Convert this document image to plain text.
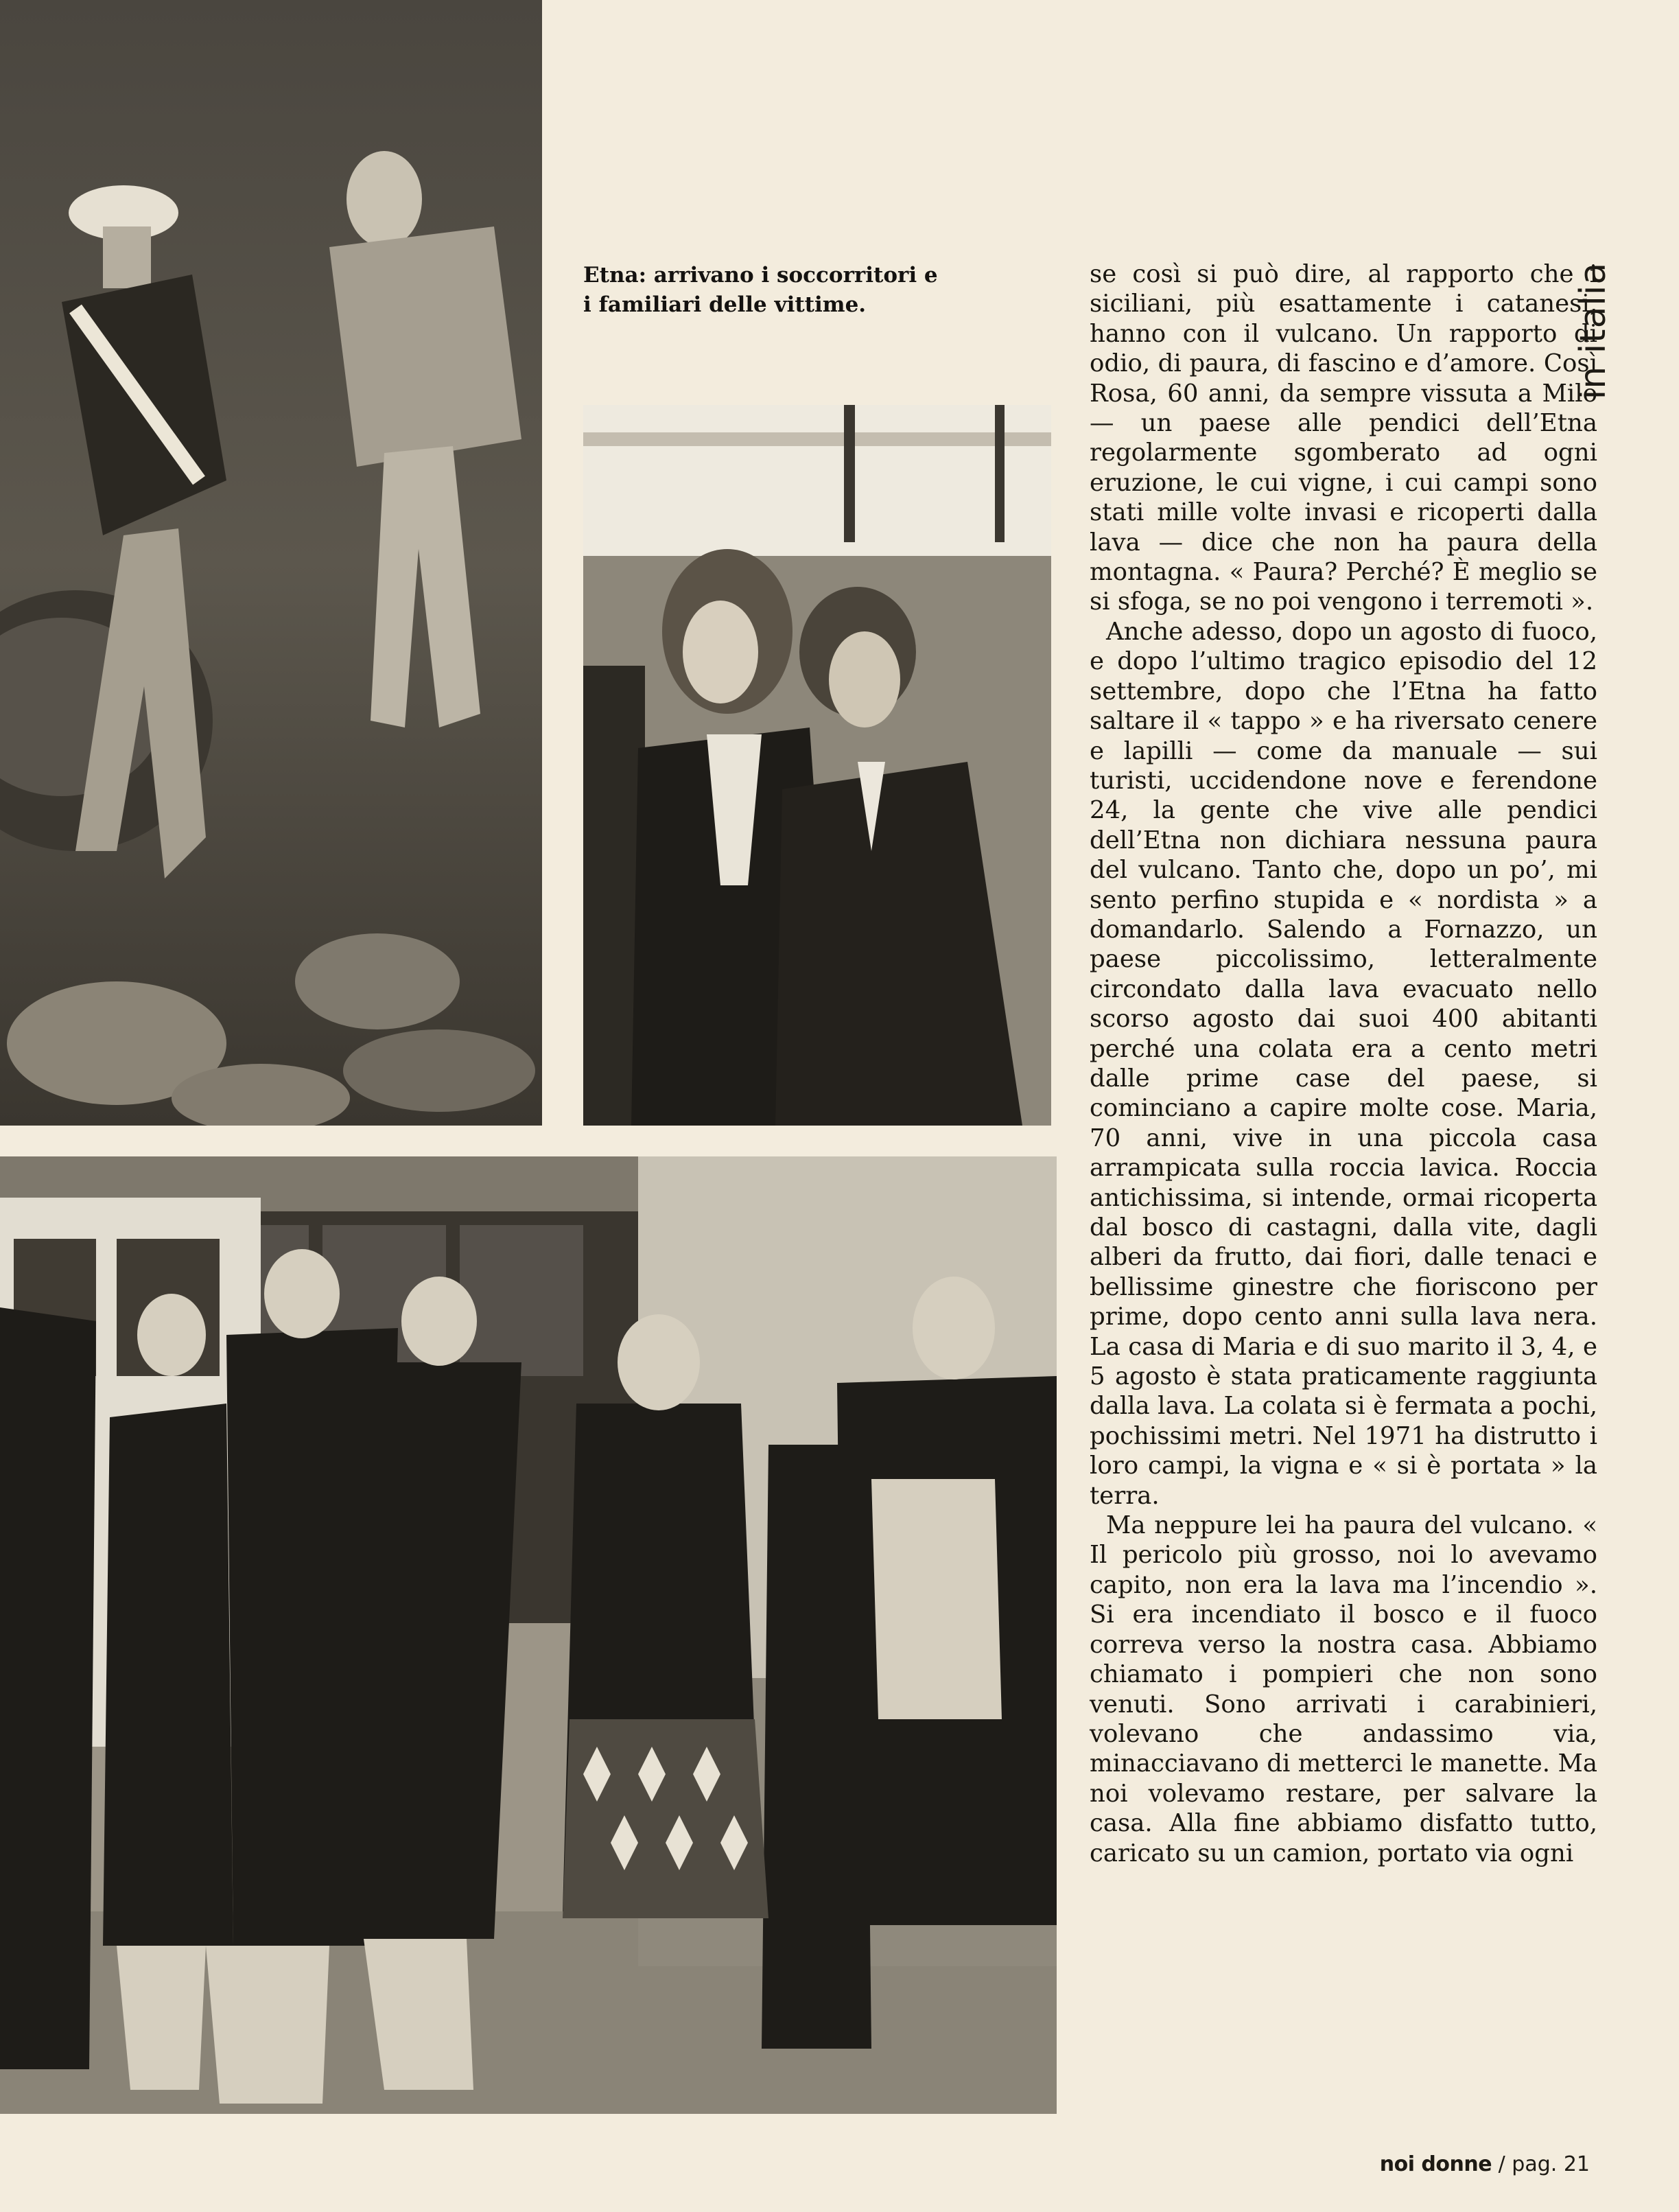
Etna: arrivano i soccorritori e
i familiari delle vittime.

se così si può dire, al rapporto che i siciliani, più esattamente i catanesi, hanno con il vulcano. Un rapporto di odio, di paura, di fascino e d’amore. Così Rosa, 60 anni, da sempre vissuta a Milo — un paese alle pendici dell’Etna regolarmente sgomberato ad ogni eruzione, le cui vigne, i cui campi sono stati mille volte invasi e ricoperti dalla lava — dice che non ha paura della montagna. « Paura? Perché? È meglio se si sfoga, se no poi vengono i terremoti ».

Anche adesso, dopo un agosto di fuoco, e dopo l’ultimo tragico episodio del 12 settembre, dopo che l’Etna ha fatto saltare il « tappo » e ha riversato cenere e lapilli — come da manuale — sui turisti, uccidendone nove e ferendone 24, la gente che vive alle pendici dell’Etna non dichiara nessuna paura del vulcano. Tanto che, dopo un po’, mi sento perfino stupida e « nordista » a domandarlo. Salendo a Fornazzo, un paese piccolissimo, letteralmente circondato dalla lava evacuato nello scorso agosto dai suoi 400 abitanti perché una colata era a cento metri dalle prime case del paese, si cominciano a capire molte cose. Maria, 70 anni, vive in una piccola casa arrampicata sulla roccia lavica. Roccia antichissima, si intende, ormai ricoperta dal bosco di castagni, dalla vite, dagli alberi da frutto, dai fiori, dalle tenaci e bellissime ginestre che fioriscono per prime, dopo cento anni sulla lava nera. La casa di Maria e di suo marito il 3, 4, e 5 agosto è stata praticamente raggiunta dalla lava. La colata si è fermata a pochi, pochissimi metri. Nel 1971 ha distrutto i loro campi, la vigna e « si è portata » la terra.

Ma neppure lei ha paura del vulcano. « Il pericolo più grosso, noi lo avevamo capito, non era la lava ma l’incendio ». Si era incendiato il bosco e il fuoco correva verso la nostra casa. Abbiamo chiamato i pompieri che non sono venuti. Sono arrivati i carabinieri, volevano che andassimo via, minacciavano di metterci le manette. Ma noi volevamo restare, per salvare la casa. Alla fine abbiamo disfatto tutto, caricato su un camion, portato via ogni

in italia
noi donne / pag. 21
